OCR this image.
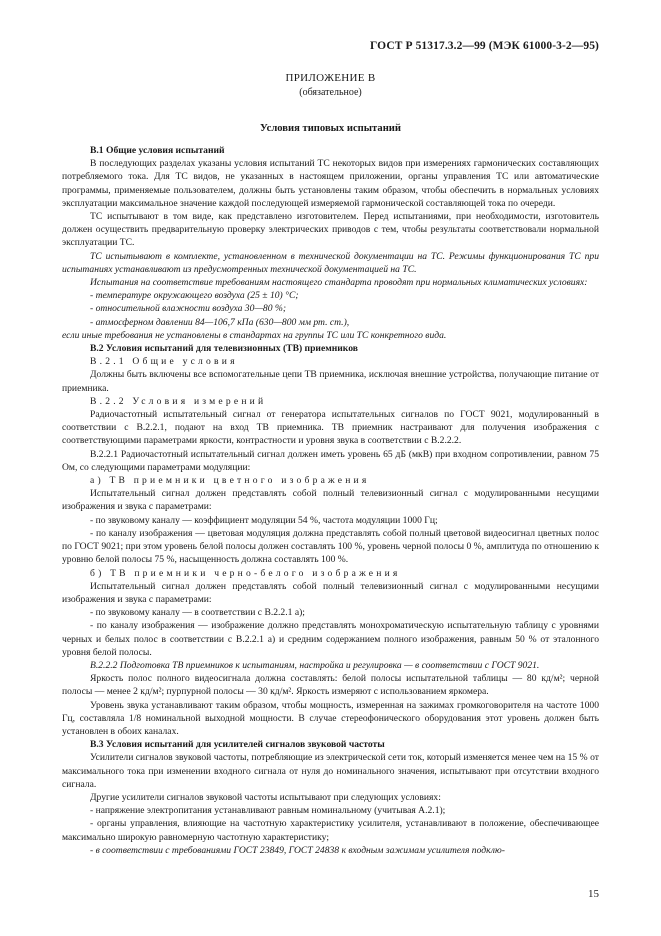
ГОСТ Р 51317.3.2—99 (МЭК 61000-3-2—95)
ПРИЛОЖЕНИЕ В
(обязательное)
Условия типовых испытаний

В.1 Общие условия испытаний

В последующих разделах указаны условия испытаний ТС некоторых видов при измерениях гармонических составляющих потребляемого тока. Для ТС видов, не указанных в настоящем приложении, органы управления ТС или автоматические программы, применяемые пользователем, должны быть установлены таким образом, чтобы обеспечить в нормальных условиях эксплуатации максимальное значение каждой последующей измеряемой гармонической составляющей тока по очереди.

ТС испытывают в том виде, как представлено изготовителем. Перед испытаниями, при необходимости, изготовитель должен осуществить предварительную проверку электрических приводов с тем, чтобы результаты соответствовали нормальной эксплуатации ТС.

ТС испытывают в комплекте, установленном в технической документации на ТС. Режимы функционирования ТС при испытаниях устанавливают из предусмотренных технической документацией на ТС.

Испытания на соответствие требованиям настоящего стандарта проводят при нормальных климатических условиях:

- температуре окружающего воздуха (25 ± 10) °С;

- относительной влажности воздуха 30—80 %;

- атмосферном давлении 84—106,7 кПа (630—800 мм рт. ст.),

если иные требования не установлены в стандартах на группы ТС или ТС конкретного вида.

В.2 Условия испытаний для телевизионных (ТВ) приемников

В.2.1 Общие условия

Должны быть включены все вспомогательные цепи ТВ приемника, исключая внешние устройства, получающие питание от приемника.

В.2.2 Условия измерений

Радиочастотный испытательный сигнал от генератора испытательных сигналов по ГОСТ 9021, модулированный в соответствии с В.2.2.1, подают на вход ТВ приемника. ТВ приемник настраивают для получения изображения с соответствующими параметрами яркости, контрастности и уровня звука в соответствии с В.2.2.2.

В.2.2.1 Радиочастотный испытательный сигнал должен иметь уровень 65 дБ (мкВ) при входном сопротивлении, равном 75 Ом, со следующими параметрами модуляции:

а) ТВ приемники цветного изображения

Испытательный сигнал должен представлять собой полный телевизионный сигнал с модулированными несущими изображения и звука с параметрами:

- по звуковому каналу — коэффициент модуляции 54 %, частота модуляции 1000 Гц;

- по каналу изображения — цветовая модуляция должна представлять собой полный цветовой видеосигнал цветных полос по ГОСТ 9021; при этом уровень белой полосы должен составлять 100 %, уровень черной полосы 0 %, амплитуда по отношению к уровню белой полосы 75 %, насыщенность должна составлять 100 %.

б) ТВ приемники черно-белого изображения

Испытательный сигнал должен представлять собой полный телевизионный сигнал с модулированными несущими изображения и звука с параметрами:

- по звуковому каналу — в соответствии с В.2.2.1 а);

- по каналу изображения — изображение должно представлять монохроматическую испытательную таблицу с уровнями черных и белых полос в соответствии с В.2.2.1 а) и средним содержанием полного изображения, равным 50 % от эталонного уровня белой полосы.

В.2.2.2 Подготовка ТВ приемников к испытаниям, настройка и регулировка — в соответствии с ГОСТ 9021.

Яркость полос полного видеосигнала должна составлять: белой полосы испытательной таблицы — 80 кд/м²; черной полосы — менее 2 кд/м²; пурпурной полосы — 30 кд/м². Яркость измеряют с использованием яркомера.

Уровень звука устанавливают таким образом, чтобы мощность, измеренная на зажимах громкоговорителя на частоте 1000 Гц, составляла 1/8 номинальной выходной мощности. В случае стереофонического оборудования этот уровень должен быть установлен в обоих каналах.

В.3 Условия испытаний для усилителей сигналов звуковой частоты

Усилители сигналов звуковой частоты, потребляющие из электрической сети ток, который изменяется менее чем на 15 % от максимального тока при изменении входного сигнала от нуля до номинального значения, испытывают при отсутствии входного сигнала.

Другие усилители сигналов звуковой частоты испытывают при следующих условиях:

- напряжение электропитания устанавливают равным номинальному (учитывая А.2.1);

- органы управления, влияющие на частотную характеристику усилителя, устанавливают в положение, обеспечивающее максимально широкую равномерную частотную характеристику;

- в соответствии с требованиями ГОСТ 23849, ГОСТ 24838 к входным зажимам усилителя подклю-

15
